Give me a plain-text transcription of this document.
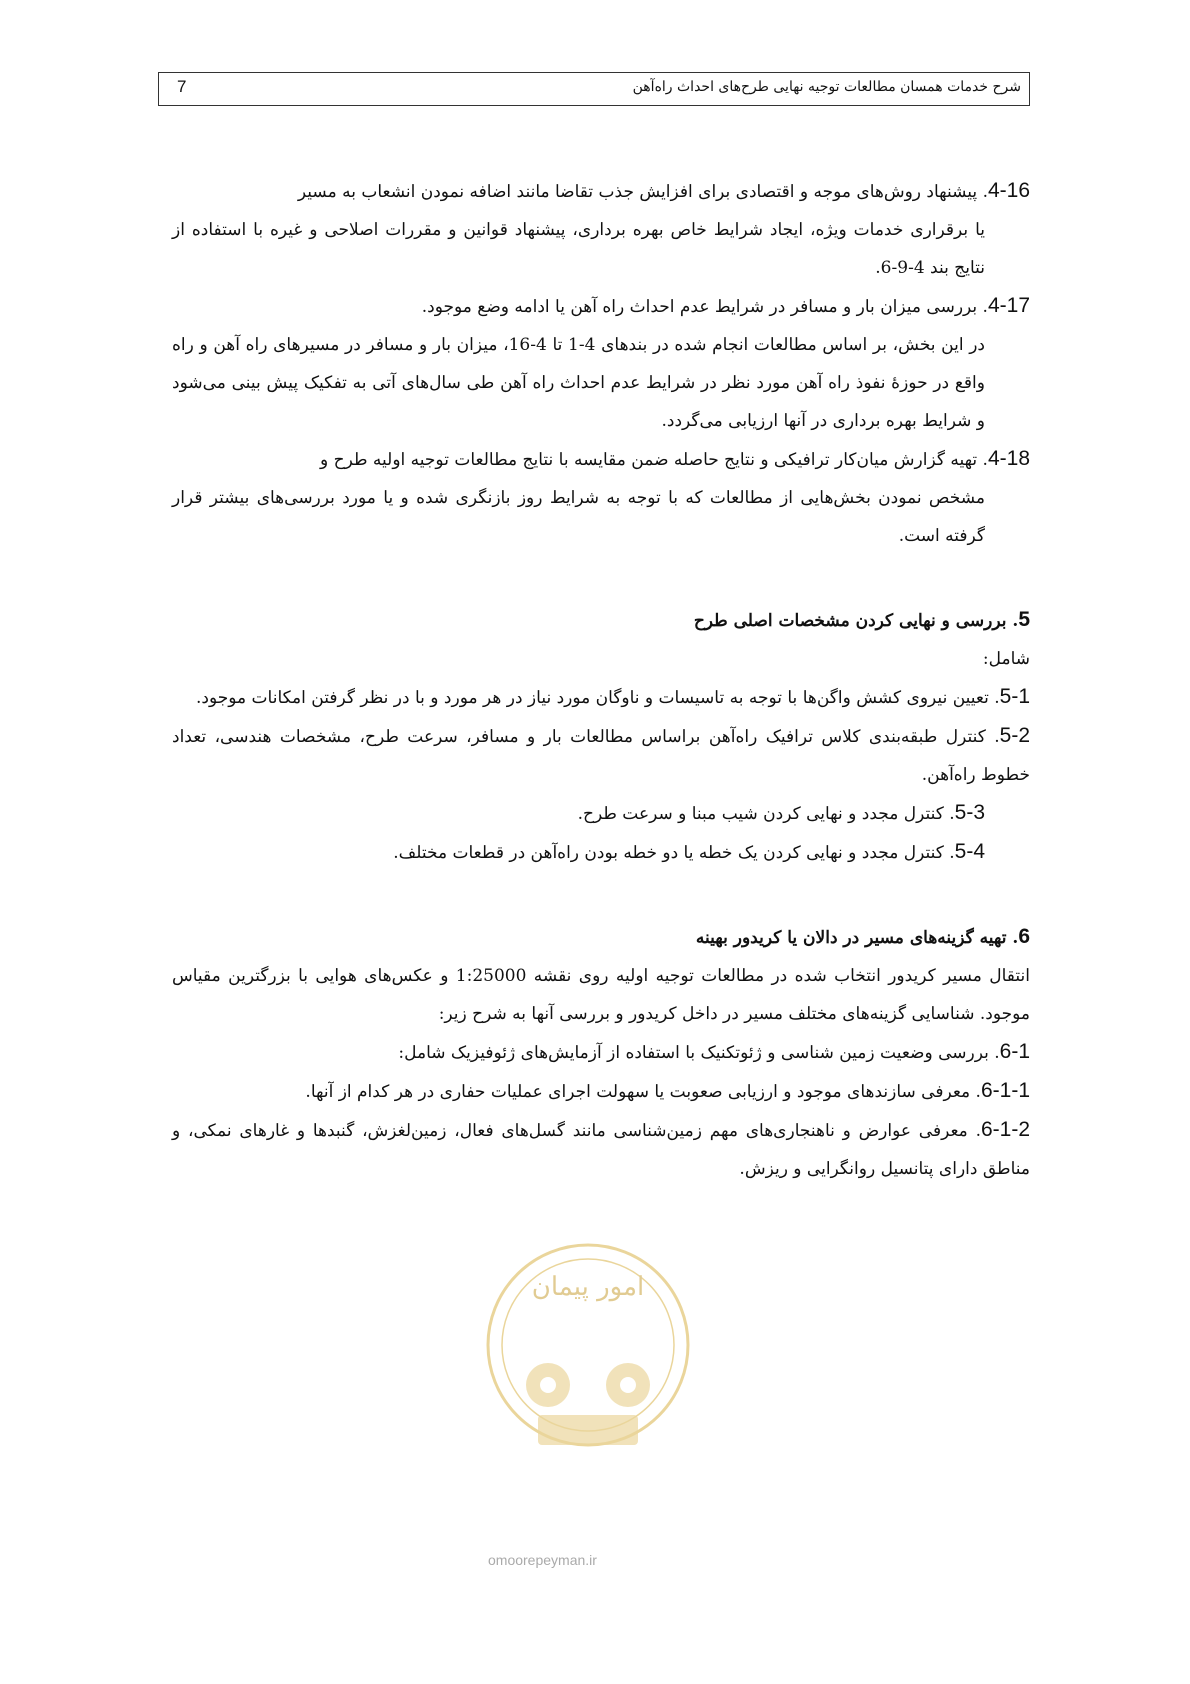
7	شرح خدمات همسان مطالعات توجیه نهایی طرح‌های احداث راه‌آهن

4-16. پیشنهاد روش‌های موجه و اقتصادی برای افزایش جذب تقاضا مانند اضافه نمودن انشعاب به مسیر

یا برقراری خدمات ویژه، ایجاد شرایط خاص بهره برداری، پیشنهاد قوانین و مقررات اصلاحی و غیره با استفاده از نتایج بند 4-9-6.

4-17. بررسی میزان بار و مسافر در شرایط عدم احداث راه آهن یا ادامه وضع موجود.

در این بخش، بر اساس مطالعات انجام شده در بندهای 4-1 تا 4-16، میزان بار و مسافر در مسیرهای راه آهن و راه واقع در حوزهٔ نفوذ راه آهن مورد نظر در شرایط عدم احداث راه آهن طی سال‌های آتی به تفکیک پیش بینی می‌شود و شرایط بهره برداری در آنها ارزیابی می‌گردد.

4-18. تهیه گزارش میان‌کار ترافیکی و نتایج حاصله ضمن مقایسه با نتایج مطالعات توجیه اولیه طرح و

مشخص نمودن بخش‌هایی از مطالعات که با توجه به شرایط روز بازنگری شده و یا مورد بررسی‌های بیشتر قرار گرفته است.

5. بررسی و نهایی کردن مشخصات اصلی طرح

شامل:

5-1. تعیین نیروی کشش واگن‌ها با توجه به تاسیسات و ناوگان مورد نیاز در هر مورد و با در نظر گرفتن امکانات موجود.

5-2. کنترل طبقه‌بندی کلاس ترافیک راه‌آهن براساس مطالعات بار و مسافر، سرعت طرح، مشخصات هندسی، تعداد خطوط راه‌آهن.

5-3. کنترل مجدد و نهایی کردن شیب مبنا و سرعت طرح.

5-4. کنترل مجدد و نهایی کردن یک خطه یا دو خطه بودن راه‌آهن در قطعات مختلف.

6. تهیه گزینه‌های مسیر در دالان یا کریدور بهینه

انتقال مسیر کریدور انتخاب شده در مطالعات توجیه اولیه روی نقشه 1:25000 و عکس‌های هوایی با بزرگترین مقیاس موجود. شناسایی گزینه‌های مختلف مسیر در داخل کریدور و بررسی آنها به شرح زیر:

6-1. بررسی وضعیت زمین شناسی و ژئوتکنیک با استفاده از آزمایش‌های ژئوفیزیک شامل:

6-1-1. معرفی سازندهای موجود و ارزیابی صعوبت یا سهولت اجرای عملیات حفاری در هر کدام از آنها.

6-1-2. معرفی عوارض و ناهنجاری‌های مهم زمین‌شناسی مانند گسل‌های فعال، زمین‌لغزش، گنبدها و غارهای نمکی، و مناطق دارای پتانسیل روانگرایی و ریزش.

امور پیمان
omoorepeyman.ir
